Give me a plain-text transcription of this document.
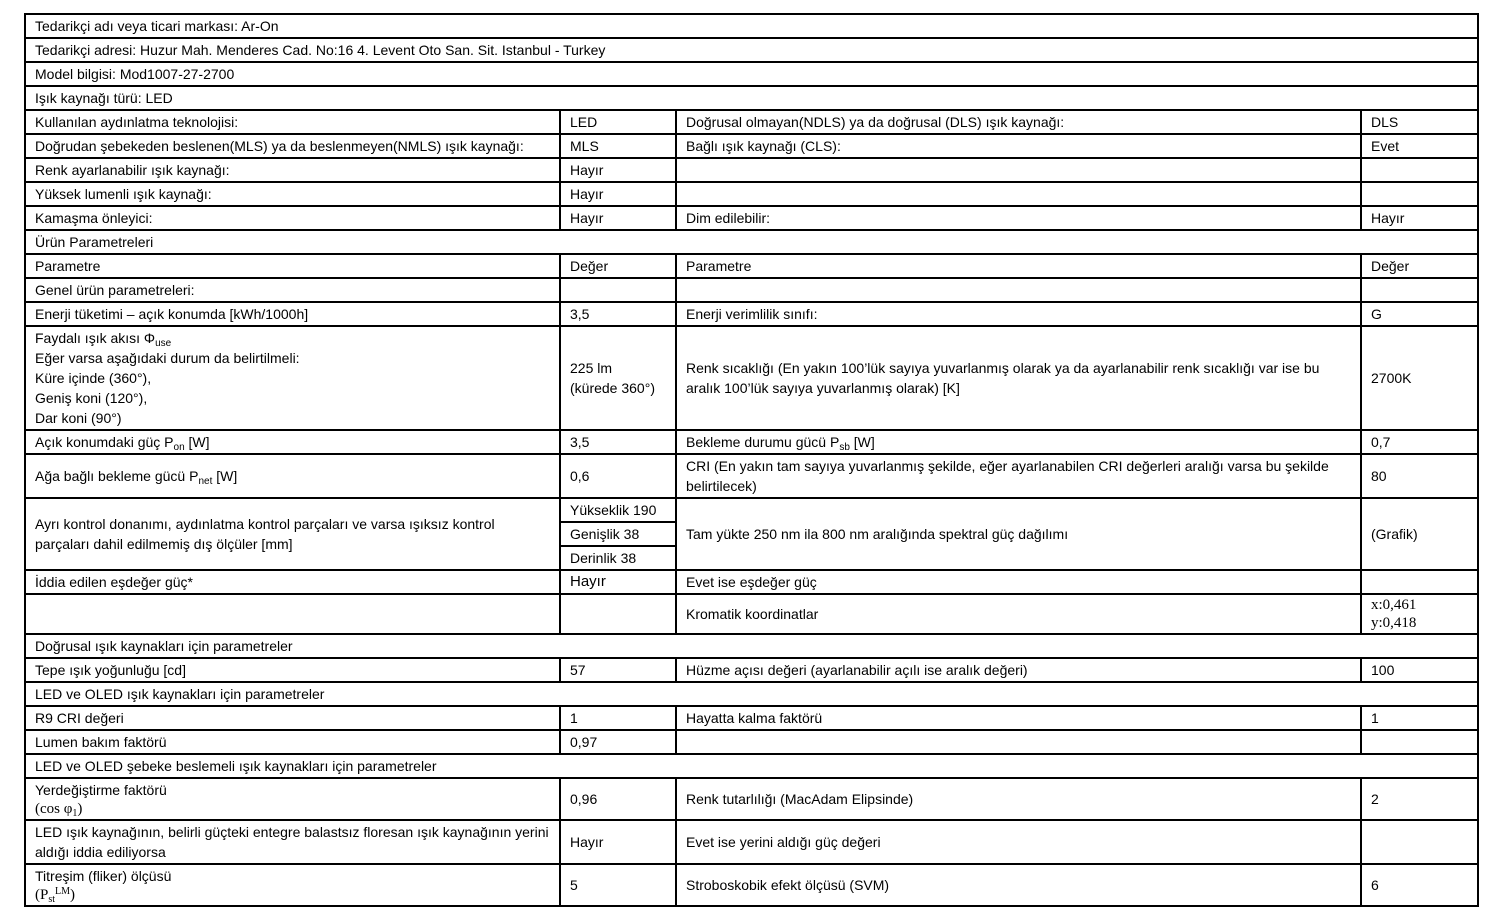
Tedarikçi adı veya ticari markası: Ar-On			
Tedarikçi adresi: Huzur Mah. Menderes Cad. No:16 4. Levent Oto San. Sit. Istanbul - Turkey			
Model bilgisi: Mod1007-27-2700			
Işık kaynağı türü: LED			
Kullanılan aydınlatma teknolojisi:	LED	Doğrusal olmayan(NDLS) ya da doğrusal (DLS) ışık kaynağı:	DLS
Doğrudan şebekeden beslenen(MLS) ya da beslenmeyen(NMLS) ışık kaynağı:	MLS	Bağlı ışık kaynağı (CLS):	Evet
Renk ayarlanabilir ışık kaynağı:	Hayır		
Yüksek lumenli ışık kaynağı:	Hayır		
Kamaşma önleyici:	Hayır	Dim edilebilir:	Hayır
Ürün Parametreleri			
Parametre	Değer	Parametre	Değer
Genel ürün parametreleri:			
Enerji tüketimi – açık konumda [kWh/1000h]	3,5	Enerji verimlilik sınıfı:	G

Faydalı ışık akısı $\Phi_{use}$
Eğer varsa aşağıdaki durum da belirtilmeli:
Küre içinde (360°),
Geniş koni (120°),
Dar koni (90°)	225 lm
(kürede 360°)	Renk sıcaklığı (En yakın 100’lük sayıya yuvarlanmış olarak ya da ayarlanabilir renk sıcaklığı var ise bu aralık 100’lük sayıya yuvarlanmış olarak) [K]	2700K
Açık konumdaki güç $P_{on}$ [W]	3,5	Bekleme durumu gücü $P_{sb}$ [W]	0,7
Ağa bağlı bekleme gücü $P_{net}$ [W]	0,6	CRI (En yakın tam sayıya yuvarlanmış şekilde, eğer ayarlanabilen CRI değerleri aralığı varsa bu şekilde belirtilecek)	80
Ayrı kontrol donanımı, aydınlatma kontrol parçaları ve varsa ışıksız kontrol parçaları dahil edilmemiş dış ölçüler [mm]	Yükseklik 190	Tam yükte 250 nm ila 800 nm aralığında spektral güç dağılımı	(Grafik)
	Genişlik 38		
	Derinlik 38		
İddia edilen eşdeğer güç*	Hayır	Evet ise eşdeğer güç	
		Kromatik koordinatlar	x:0,461
y:0,418

Doğrusal ışık kaynakları için parametreler			
Tepe ışık yoğunluğu [cd]	57	Hüzme açısı değeri (ayarlanabilir açılı ise aralık değeri)	100
LED ve OLED ışık kaynakları için parametreler			
R9 CRI değeri	1	Hayatta kalma faktörü	1
Lumen bakım faktörü	0,97		
LED ve OLED şebeke beslemeli ışık kaynakları için parametreler			

Yerdeğiştirme faktörü
(cos $\varphi_1$)	0,96	Renk tutarlılığı (MacAdam Elipsinde)	2
LED ışık kaynağının, belirli güçteki entegre balastsız floresan ışık kaynağının yerini aldığı iddia ediliyorsa	Hayır	Evet ise yerini aldığı güç değeri	

Titreşim (fliker) ölçüsü
$(P_{st}^{LM})$	5	Stroboskobik efekt ölçüsü (SVM)	6
